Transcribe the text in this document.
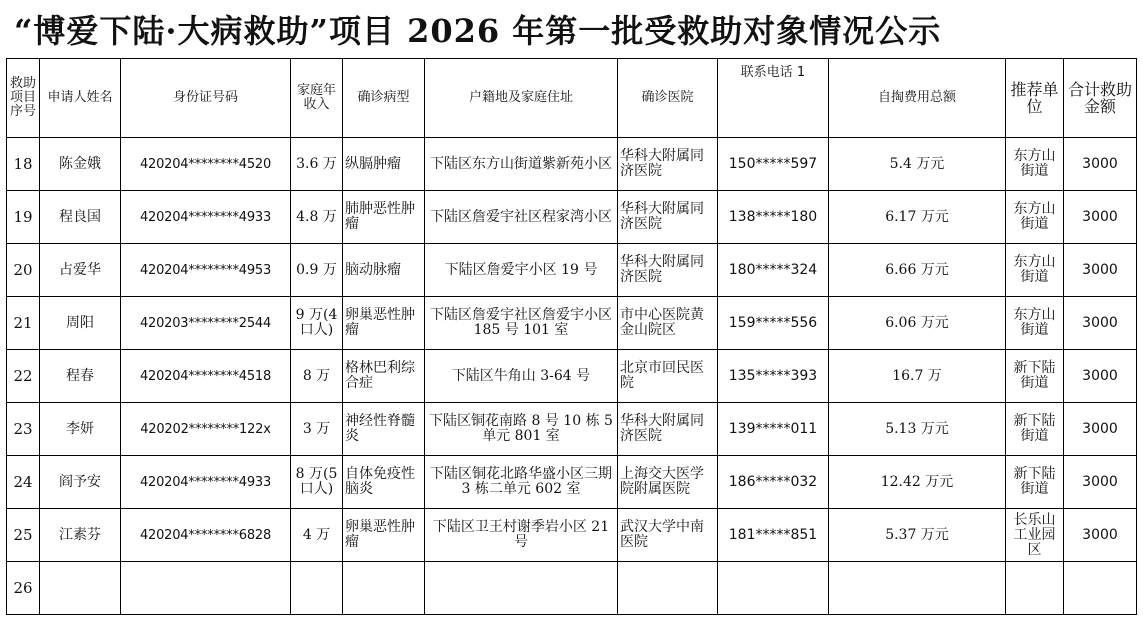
“博爱下陆·大病救助”项目 2026 年第一批受救助对象情况公示
救助项目序号	申请人姓名	身份证号码	家庭年收入	确诊病型	户籍地及家庭住址	确诊医院	联系电话 1	自掏费用总额	推荐单位	合计救助金额
18	陈金娥	420204********4520	3.6 万	纵膈肿瘤	下陆区东方山街道紫新苑小区	华科大附属同济医院	150*****597	5.4 万元	东方山街道	3000
19	程良国	420204********4933	4.8 万	肺肿恶性肿瘤	下陆区詹爱宇社区程家湾小区	华科大附属同济医院	138*****180	6.17 万元	东方山街道	3000
20	占爱华	420204********4953	0.9 万	脑动脉瘤	下陆区詹爱宇小区 19 号	华科大附属同济医院	180*****324	6.66 万元	东方山街道	3000
21	周阳	420203********2544	9 万(4 口人)	卵巢恶性肿瘤	下陆区詹爱宇社区詹爱宇小区 185 号 101 室	市中心医院黄金山院区	159*****556	6.06 万元	东方山街道	3000
22	程春	420204********4518	8 万	格林巴利综合症	下陆区牛角山 3-64 号	北京市回民医院	135*****393	16.7 万	新下陆街道	3000
23	李妍	420202********122x	3 万	神经性脊髓炎	下陆区铜花南路 8 号 10 栋 5 单元 801 室	华科大附属同济医院	139*****011	5.13 万元	新下陆街道	3000
24	阎予安	420204********4933	8 万(5 口人)	自体免疫性脑炎	下陆区铜花北路华盛小区三期 3 栋二单元 602 室	上海交大医学院附属医院	186*****032	12.42 万元	新下陆街道	3000
25	江素芬	420204********6828	4 万	卵巢恶性肿瘤	下陆区卫王村谢季岩小区 21 号	武汉大学中南医院	181*****851	5.37 万元	长乐山工业园区	3000
26										
